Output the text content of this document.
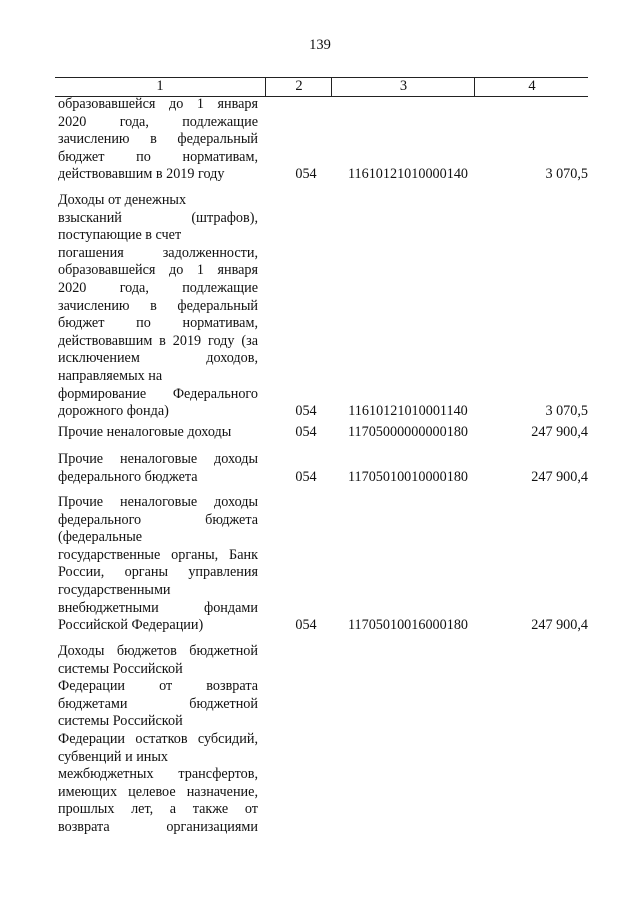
139
1	2	3	4
образовавшейся до 1 января
2020 года, подлежащие
зачислению в федеральный
бюджет по нормативам,
действовавшим в 2019 году	054	11610121010000140	3 070,5
Доходы от денежных
взысканий (штрафов),
поступающие в счет
погашения задолженности,
образовавшейся до 1 января
2020 года, подлежащие
зачислению в федеральный
бюджет по нормативам,
действовавшим в 2019 году (за
исключением доходов,
направляемых на
формирование Федерального
дорожного фонда)	054	11610121010001140	3 070,5
Прочие неналоговые доходы	054	11705000000000180	247 900,4
Прочие неналоговые доходы
федерального бюджета	054	11705010010000180	247 900,4
Прочие неналоговые доходы
федерального бюджета
(федеральные
государственные органы, Банк
России, органы управления
государственными
внебюджетными фондами
Российской Федерации)	054	11705010016000180	247 900,4
Доходы бюджетов бюджетной
системы Российской
Федерации от возврата
бюджетами бюджетной
системы Российской
Федерации остатков субсидий,
субвенций и иных
межбюджетных трансфертов,
имеющих целевое назначение,
прошлых лет, а также от
возврата организациями
